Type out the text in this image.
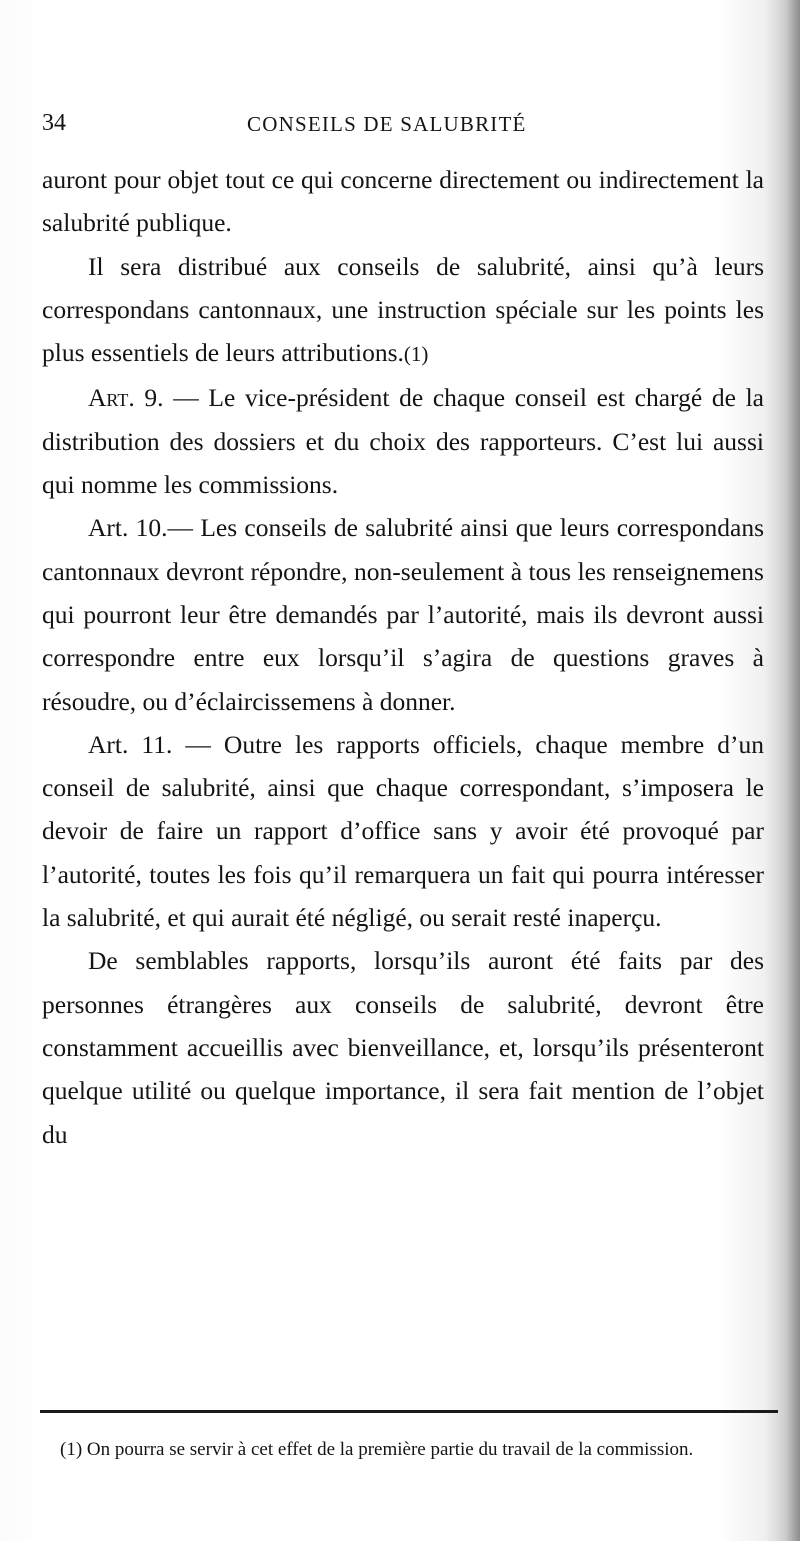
34	CONSEILS DE SALUBRITÉ

auront pour objet tout ce qui concerne directement ou indirectement la salubrité publique.

Il sera distribué aux conseils de salubrité, ainsi qu’à leurs correspondans cantonnaux, une instruction spéciale sur les points les plus essentiels de leurs attributions.(1)

Art. 9. — Le vice-président de chaque conseil est chargé de la distribution des dossiers et du choix des rapporteurs. C’est lui aussi qui nomme les commissions.

Art. 10.— Les conseils de salubrité ainsi que leurs correspondans cantonnaux devront répondre, non-seulement à tous les renseignemens qui pourront leur être demandés par l’autorité, mais ils devront aussi correspondre entre eux lorsqu’il s’agira de questions graves à résoudre, ou d’éclaircissemens à donner.

Art. 11. — Outre les rapports officiels, chaque membre d’un conseil de salubrité, ainsi que chaque correspondant, s’imposera le devoir de faire un rapport d’office sans y avoir été provoqué par l’autorité, toutes les fois qu’il remarquera un fait qui pourra intéresser la salubrité, et qui aurait été négligé, ou serait resté inaperçu.

De semblables rapports, lorsqu’ils auront été faits par des personnes étrangères aux conseils de salubrité, devront être constamment accueillis avec bienveillance, et, lorsqu’ils présenteront quelque utilité ou quelque importance, il sera fait mention de l’objet du

(1) On pourra se servir à cet effet de la première partie du travail de la commission.
